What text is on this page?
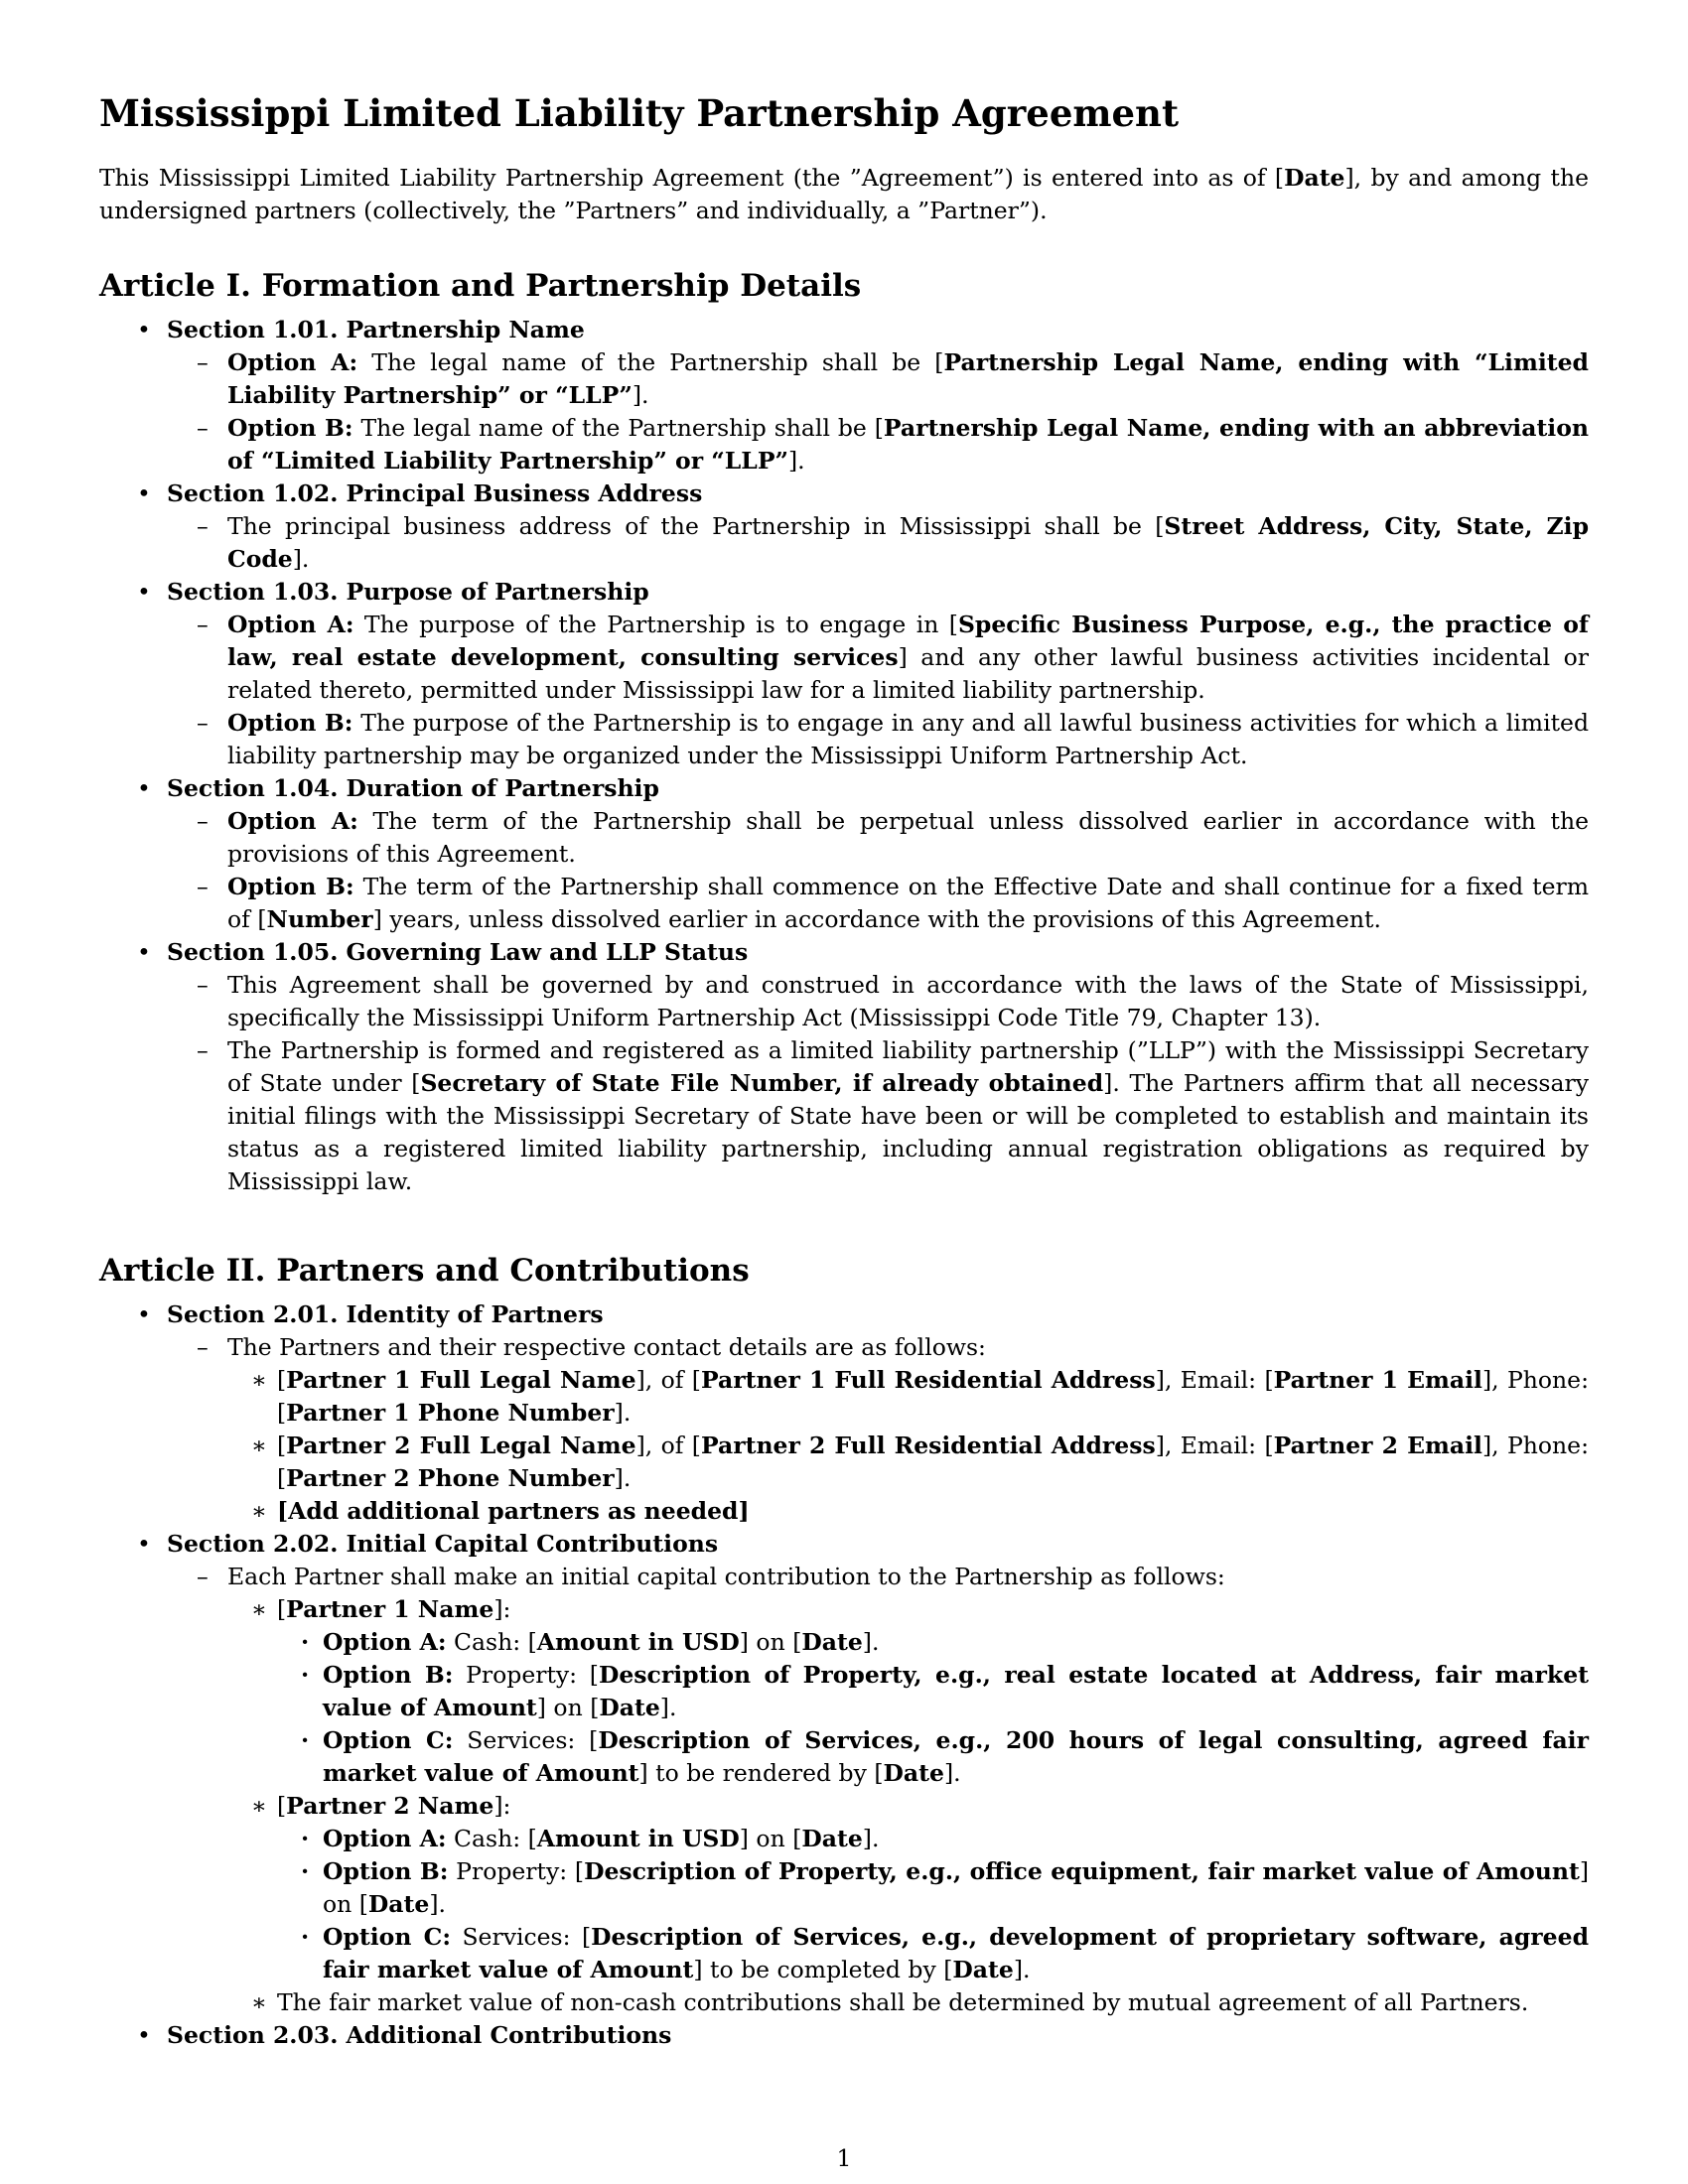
Mississippi Limited Liability Partnership Agreement

This Mississippi Limited Liability Partnership Agreement (the ”Agreement”) is entered into as of [Date], by and among the undersigned partners (collectively, the ”Partners” and individually, a ”Partner”).

Article I. Formation and Partnership Details
• Section 1.01. Partnership Name
– Option A: The legal name of the Partnership shall be [Partnership Legal Name, ending with “Limited Liability Partnership” or “LLP”].
– Option B: The legal name of the Partnership shall be [Partnership Legal Name, ending with an abbreviation of “Limited Liability Partnership” or “LLP”].
• Section 1.02. Principal Business Address
– The principal business address of the Partnership in Mississippi shall be [Street Address, City, State, Zip Code].
• Section 1.03. Purpose of Partnership
– Option A: The purpose of the Partnership is to engage in [Specific Business Purpose, e.g., the practice of law, real estate development, consulting services] and any other lawful business activities incidental or related thereto, permitted under Mississippi law for a limited liability partnership.
– Option B: The purpose of the Partnership is to engage in any and all lawful business activities for which a limited liability partnership may be organized under the Mississippi Uniform Partnership Act.
• Section 1.04. Duration of Partnership
– Option A: The term of the Partnership shall be perpetual unless dissolved earlier in accordance with the provisions of this Agreement.
– Option B: The term of the Partnership shall commence on the Effective Date and shall continue for a fixed term of [Number] years, unless dissolved earlier in accordance with the provisions of this Agreement.
• Section 1.05. Governing Law and LLP Status
– This Agreement shall be governed by and construed in accordance with the laws of the State of Mississippi, specifically the Mississippi Uniform Partnership Act (Mississippi Code Title 79, Chapter 13).
– The Partnership is formed and registered as a limited liability partnership (”LLP”) with the Mississippi Secretary of State under [Secretary of State File Number, if already obtained]. The Partners affirm that all necessary initial filings with the Mississippi Secretary of State have been or will be completed to establish and maintain its status as a registered limited liability partnership, including annual registration obligations as required by Mississippi law.
Article II. Partners and Contributions
• Section 2.01. Identity of Partners
– The Partners and their respective contact details are as follows:
∗ [Partner 1 Full Legal Name], of [Partner 1 Full Residential Address], Email: [Partner 1 Email], Phone: [Partner 1 Phone Number].
∗ [Partner 2 Full Legal Name], of [Partner 2 Full Residential Address], Email: [Partner 2 Email], Phone: [Partner 2 Phone Number].
∗ [Add additional partners as needed]
• Section 2.02. Initial Capital Contributions
– Each Partner shall make an initial capital contribution to the Partnership as follows:
∗ [Partner 1 Name]:
· Option A: Cash: [Amount in USD] on [Date].
· Option B: Property: [Description of Property, e.g., real estate located at Address, fair market value of Amount] on [Date].
· Option C: Services: [Description of Services, e.g., 200 hours of legal consulting, agreed fair market value of Amount] to be rendered by [Date].
∗ [Partner 2 Name]:
· Option A: Cash: [Amount in USD] on [Date].
· Option B: Property: [Description of Property, e.g., office equipment, fair market value of Amount] on [Date].
· Option C: Services: [Description of Services, e.g., development of proprietary software, agreed fair market value of Amount] to be completed by [Date].
∗ The fair market value of non-cash contributions shall be determined by mutual agreement of all Partners.
• Section 2.03. Additional Contributions
1
